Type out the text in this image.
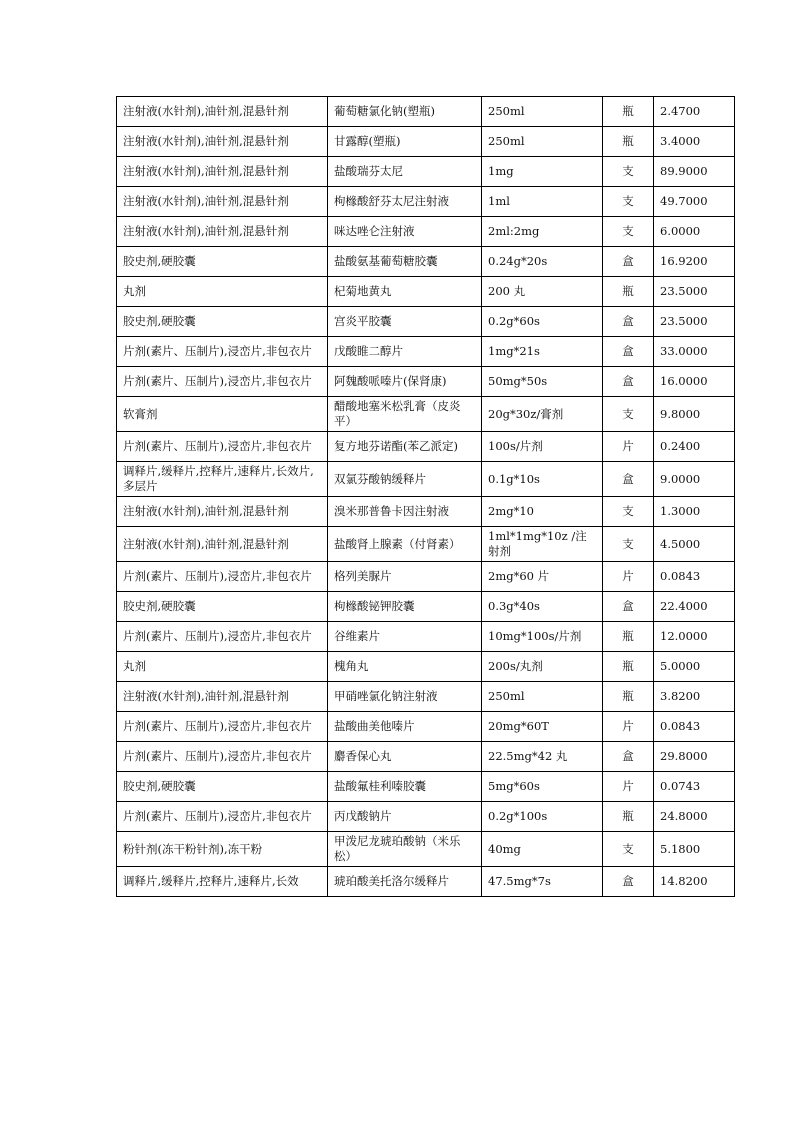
注射液(水针剂),油针剂,混悬针剂	葡萄糖氯化钠(塑瓶)	250ml	瓶	2.4700
注射液(水针剂),油针剂,混悬针剂	甘露醇(塑瓶)	250ml	瓶	3.4000
注射液(水针剂),油针剂,混悬针剂	盐酸瑞芬太尼	1mg	支	89.9000
注射液(水针剂),油针剂,混悬针剂	枸橼酸舒芬太尼注射液	1ml	支	49.7000
注射液(水针剂),油针剂,混悬针剂	咪达唑仑注射液	2ml:2mg	支	6.0000
胶史剂,硬胶囊	盐酸氨基葡萄糖胶囊	0.24g*20s	盒	16.9200
丸剂	杞菊地黄丸	200 丸	瓶	23.5000
胶史剂,硬胶囊	宫炎平胶囊	0.2g*60s	盒	23.5000
片剂(素片、压制片),浸峦片,非包衣片	戊酸睢二醇片	1mg*21s	盒	33.0000
片剂(素片、压制片),浸峦片,非包衣片	阿魏酸哌嗪片(保肾康)	50mg*50s	盒	16.0000
软膏剂	醋酸地塞米松乳膏（皮炎平）	20g*30z/膏剂	支	9.8000
片剂(素片、压制片),浸峦片,非包衣片	复方地芬诺酯(苯乙派定)	100s/片剂	片	0.2400
调释片,缓释片,控释片,速释片,长效片,多层片	双氯芬酸钠缓释片	0.1g*10s	盒	9.0000
注射液(水针剂),油针剂,混悬针剂	溴米那普鲁卡因注射液	2mg*10	支	1.3000
注射液(水针剂),油针剂,混悬针剂	盐酸肾上腺素（付肾素）	1ml*1mg*10z /注射剂	支	4.5000
片剂(素片、压制片),浸峦片,非包衣片	格列美脲片	2mg*60 片	片	0.0843
胶史剂,硬胶囊	枸橼酸铋钾胶囊	0.3g*40s	盒	22.4000
片剂(素片、压制片),浸峦片,非包衣片	谷维素片	10mg*100s/片剂	瓶	12.0000
丸剂	槐角丸	200s/丸剂	瓶	5.0000
注射液(水针剂),油针剂,混悬针剂	甲硝唑氯化钠注射液	250ml	瓶	3.8200
片剂(素片、压制片),浸峦片,非包衣片	盐酸曲美他嗪片	20mg*60T	片	0.0843
片剂(素片、压制片),浸峦片,非包衣片	麝香保心丸	22.5mg*42 丸	盒	29.8000
胶史剂,硬胶囊	盐酸氟桂利嗪胶囊	5mg*60s	片	0.0743
片剂(素片、压制片),浸峦片,非包衣片	丙戊酸钠片	0.2g*100s	瓶	24.8000
粉针剂(冻干粉针剂),冻干粉	甲泼尼龙琥珀酸钠（米乐松）	40mg	支	5.1800
调释片,缓释片,控释片,速释片,长效	琥珀酸美托洛尔缓释片	47.5mg*7s	盒	14.8200
